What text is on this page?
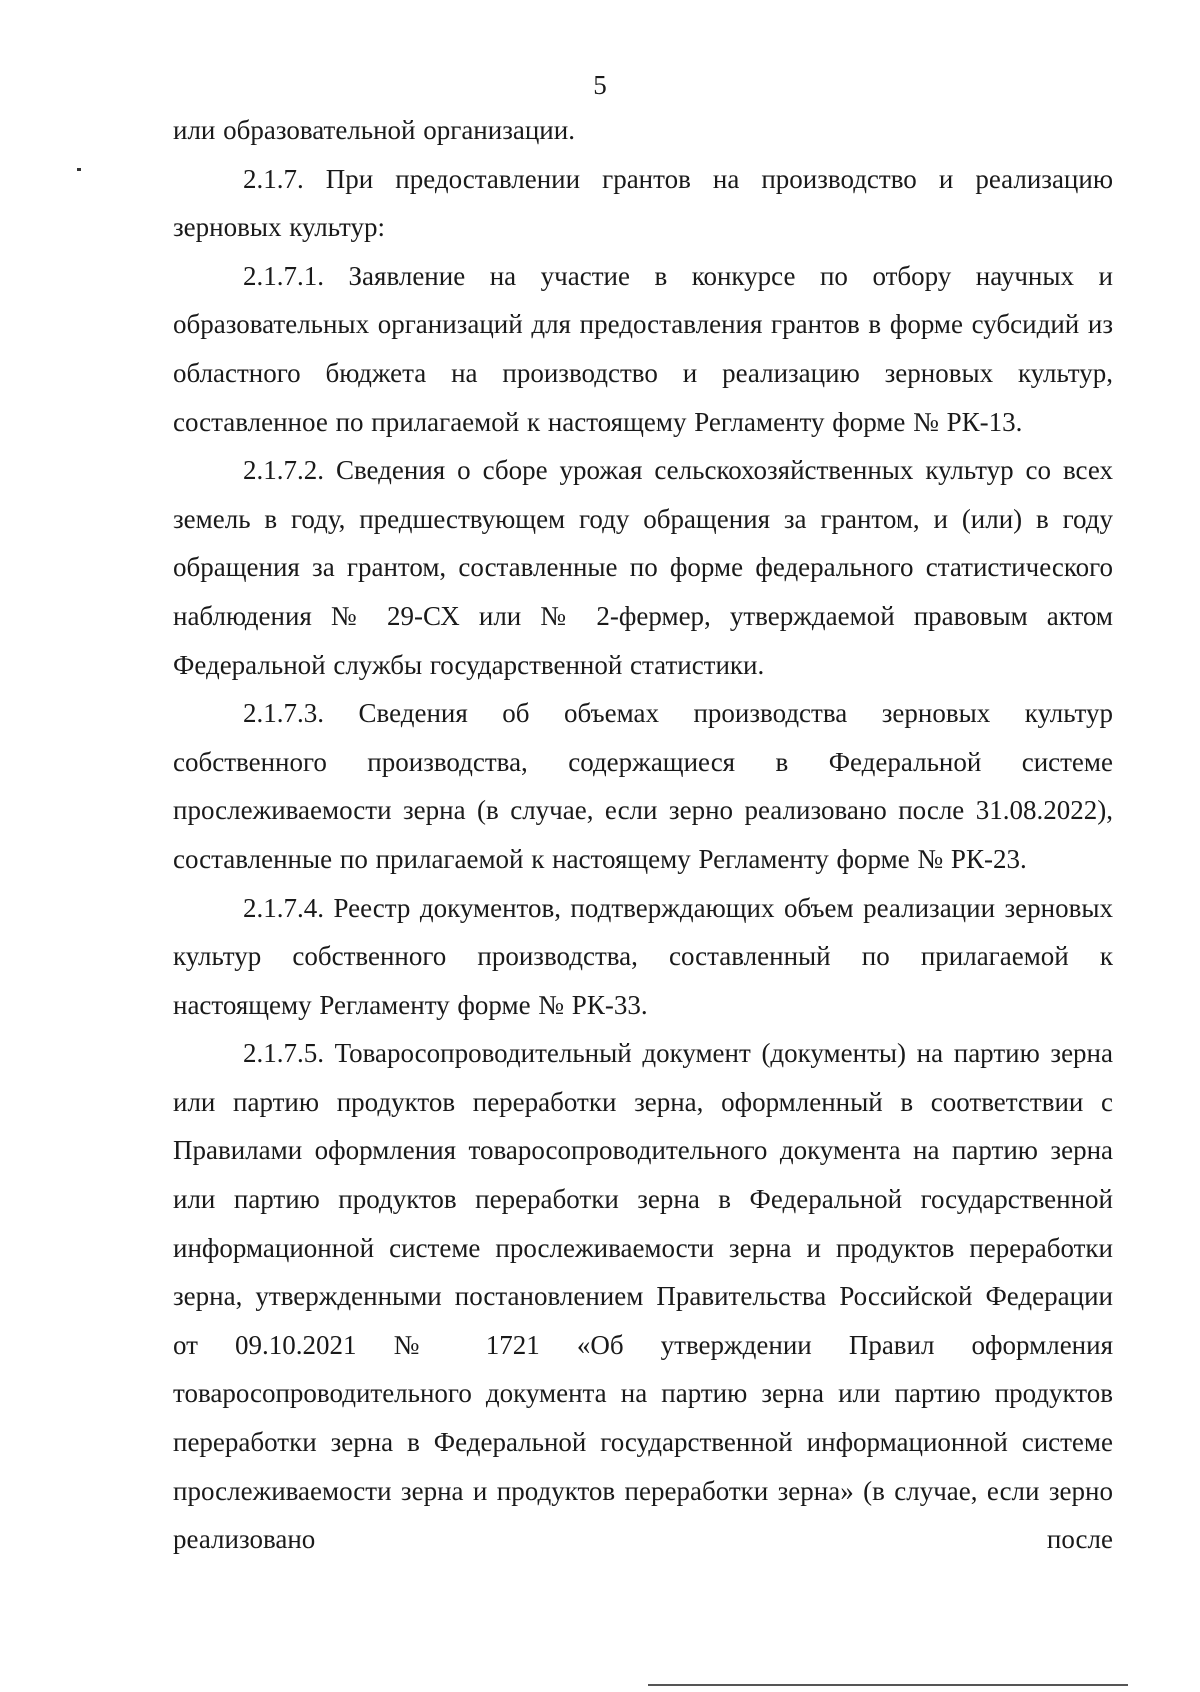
5

или образовательной организации.

2.1.7. При предоставлении грантов на производство и реализацию зерновых культур:

2.1.7.1. Заявление на участие в конкурсе по отбору научных и образовательных организаций для предоставления грантов в форме субсидий из областного бюджета на производство и реализацию зерновых культур, составленное по прилагаемой к настоящему Регламенту форме № РК-13.

2.1.7.2. Сведения о сборе урожая сельскохозяйственных культур со всех земель в году, предшествующем году обращения за грантом, и (или) в году обращения за грантом, составленные по форме федерального статистического наблюдения № 29-СХ или № 2-фермер, утверждаемой правовым актом Федеральной службы государственной статистики.

2.1.7.3. Сведения об объемах производства зерновых культур собственного производства, содержащиеся в Федеральной системе прослеживаемости зерна (в случае, если зерно реализовано после 31.08.2022), составленные по прилагаемой к настоящему Регламенту форме № РК-23.

2.1.7.4. Реестр документов, подтверждающих объем реализации зерновых культур собственного производства, составленный по прилагаемой к настоящему Регламенту форме № РК-33.

2.1.7.5. Товаросопроводительный документ (документы) на партию зерна или партию продуктов переработки зерна, оформленный в соответствии с Правилами оформления товаросопроводительного документа на партию зерна или партию продуктов переработки зерна в Федеральной государственной информационной системе прослеживаемости зерна и продуктов переработки зерна, утвержденными постановлением Правительства Российской Федерации от 09.10.2021 № 1721 «Об утверждении Правил оформления товаросопроводительного документа на партию зерна или партию продуктов переработки зерна в Федеральной государственной информационной системе прослеживаемости зерна и продуктов переработки зерна» (в случае, если зерно реализовано после
